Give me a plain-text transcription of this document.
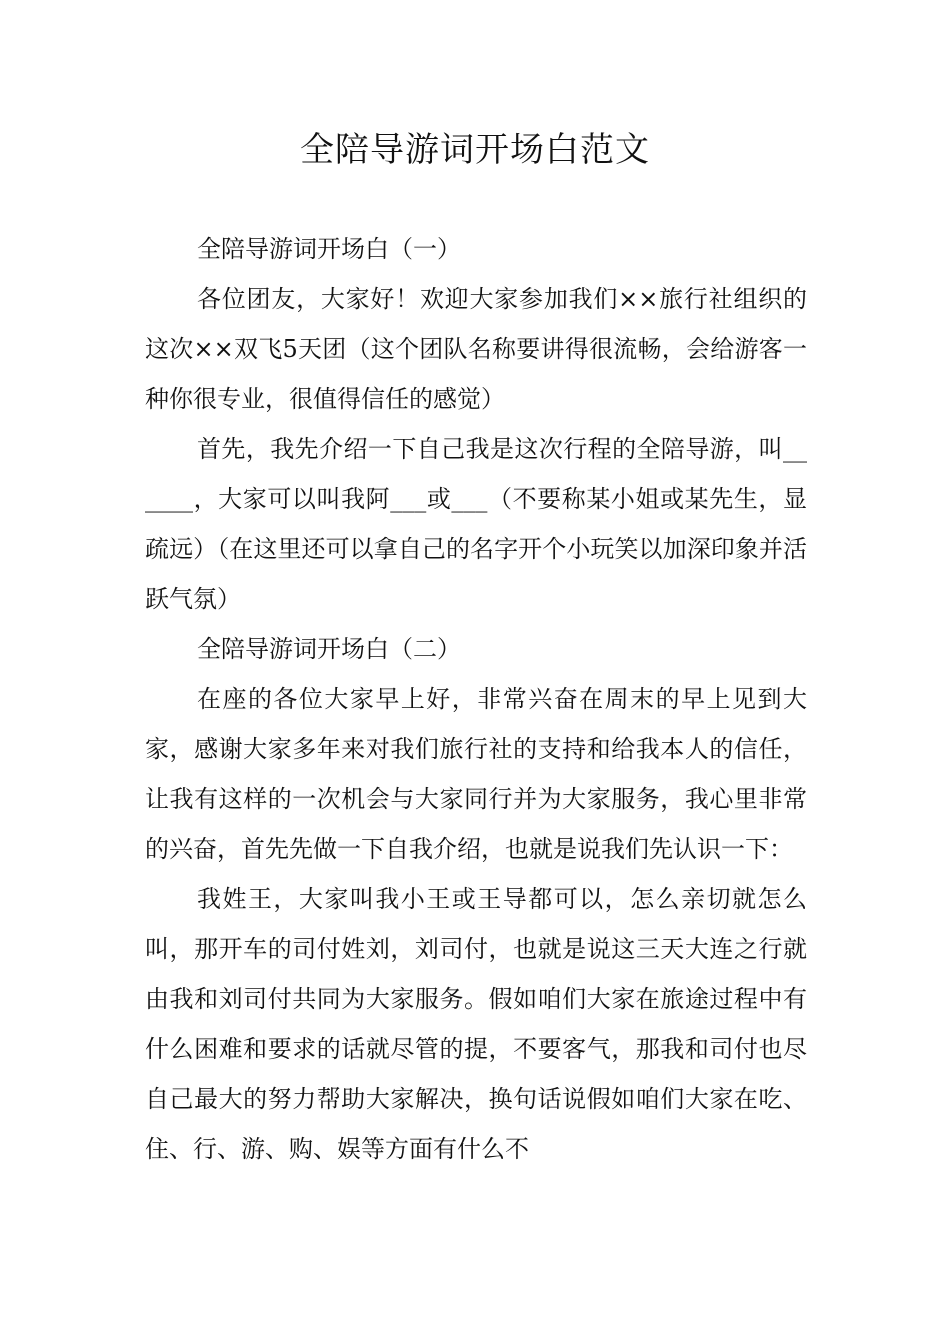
全陪导游词开场白范文

全陪导游词开场白（一）

各位团友，大家好！欢迎大家参加我们××旅行社组织的这次××双飞5天团（这个团队名称要讲得很流畅，会给游客一种你很专业，很值得信任的感觉）

首先，我先介绍一下自己我是这次行程的全陪导游，叫______，大家可以叫我阿___或___（不要称某小姐或某先生，显疏远）（在这里还可以拿自己的名字开个小玩笑以加深印象并活跃气氛）

全陪导游词开场白（二）

在座的各位大家早上好，非常兴奋在周末的早上见到大家，感谢大家多年来对我们旅行社的支持和给我本人的信任，让我有这样的一次机会与大家同行并为大家服务，我心里非常的兴奋，首先先做一下自我介绍，也就是说我们先认识一下：

我姓王，大家叫我小王或王导都可以，怎么亲切就怎么叫，那开车的司付姓刘，刘司付，也就是说这三天大连之行就由我和刘司付共同为大家服务。假如咱们大家在旅途过程中有什么困难和要求的话就尽管的提，不要客气，那我和司付也尽自己最大的努力帮助大家解决，换句话说假如咱们大家在吃、住、行、游、购、娱等方面有什么不
